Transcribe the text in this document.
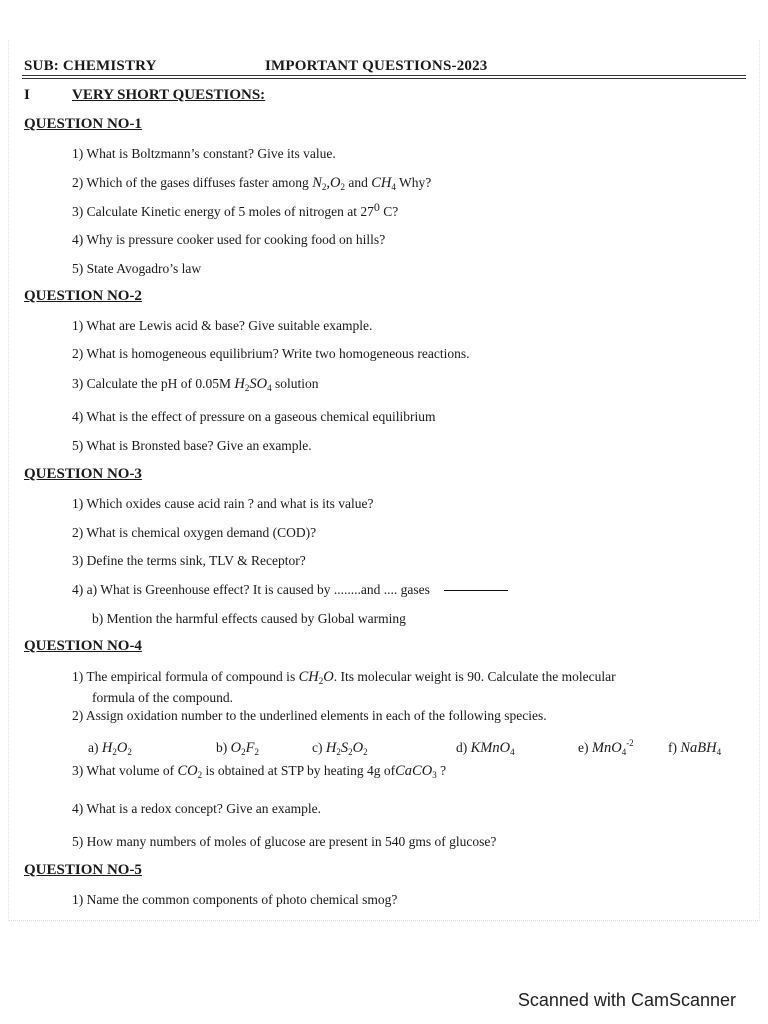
SUB: CHEMISTRY	IMPORTANT QUESTIONS-2023
I	VERY SHORT QUESTIONS:
QUESTION NO-1
1) What is Boltzmann’s constant? Give its value.
2) Which of the gases diffuses faster among $N_2,O_2$ and $CH_4$ Why?
3) Calculate Kinetic energy of 5 moles of nitrogen at $27^0$ C?
4) Why is pressure cooker used for cooking food on hills?
5) State Avogadro’s law
QUESTION NO-2
1) What are Lewis acid & base? Give suitable example.
2) What is homogeneous equilibrium? Write two homogeneous reactions.
3) Calculate the pH of 0.05M $H_2SO_4$ solution
4) What is the effect of pressure on a gaseous chemical equilibrium
5) What is Bronsted base? Give an example.
QUESTION NO-3
1) Which oxides cause acid rain ? and what is its value?
2) What is chemical oxygen demand (COD)?
3) Define the terms sink, TLV & Receptor?
4) a) What is Greenhouse effect? It is caused by ........and .... gases
b) Mention the harmful effects caused by Global warming
QUESTION NO-4
1) The empirical formula of compound is $CH_2O$. Its molecular weight is 90. Calculate the molecular
formula of the compound.
2) Assign oxidation number to the underlined elements in each of the following species.
a) $H_2O_2$	b) $O_2F_2$	c) $H_2S_2O_2$	d) KMnO$_4$	e) MnO$_4^{-2}$	f) NaBH$_4$
3) What volume of $CO_2$ is obtained at STP by heating 4g ofCaCO$_3$ ?
4) What is a redox concept? Give an example.
5) How many numbers of moles of glucose are present in 540 gms of glucose?
QUESTION NO-5
1) Name the common components of photo chemical smog?
Scanned with CamScanner
